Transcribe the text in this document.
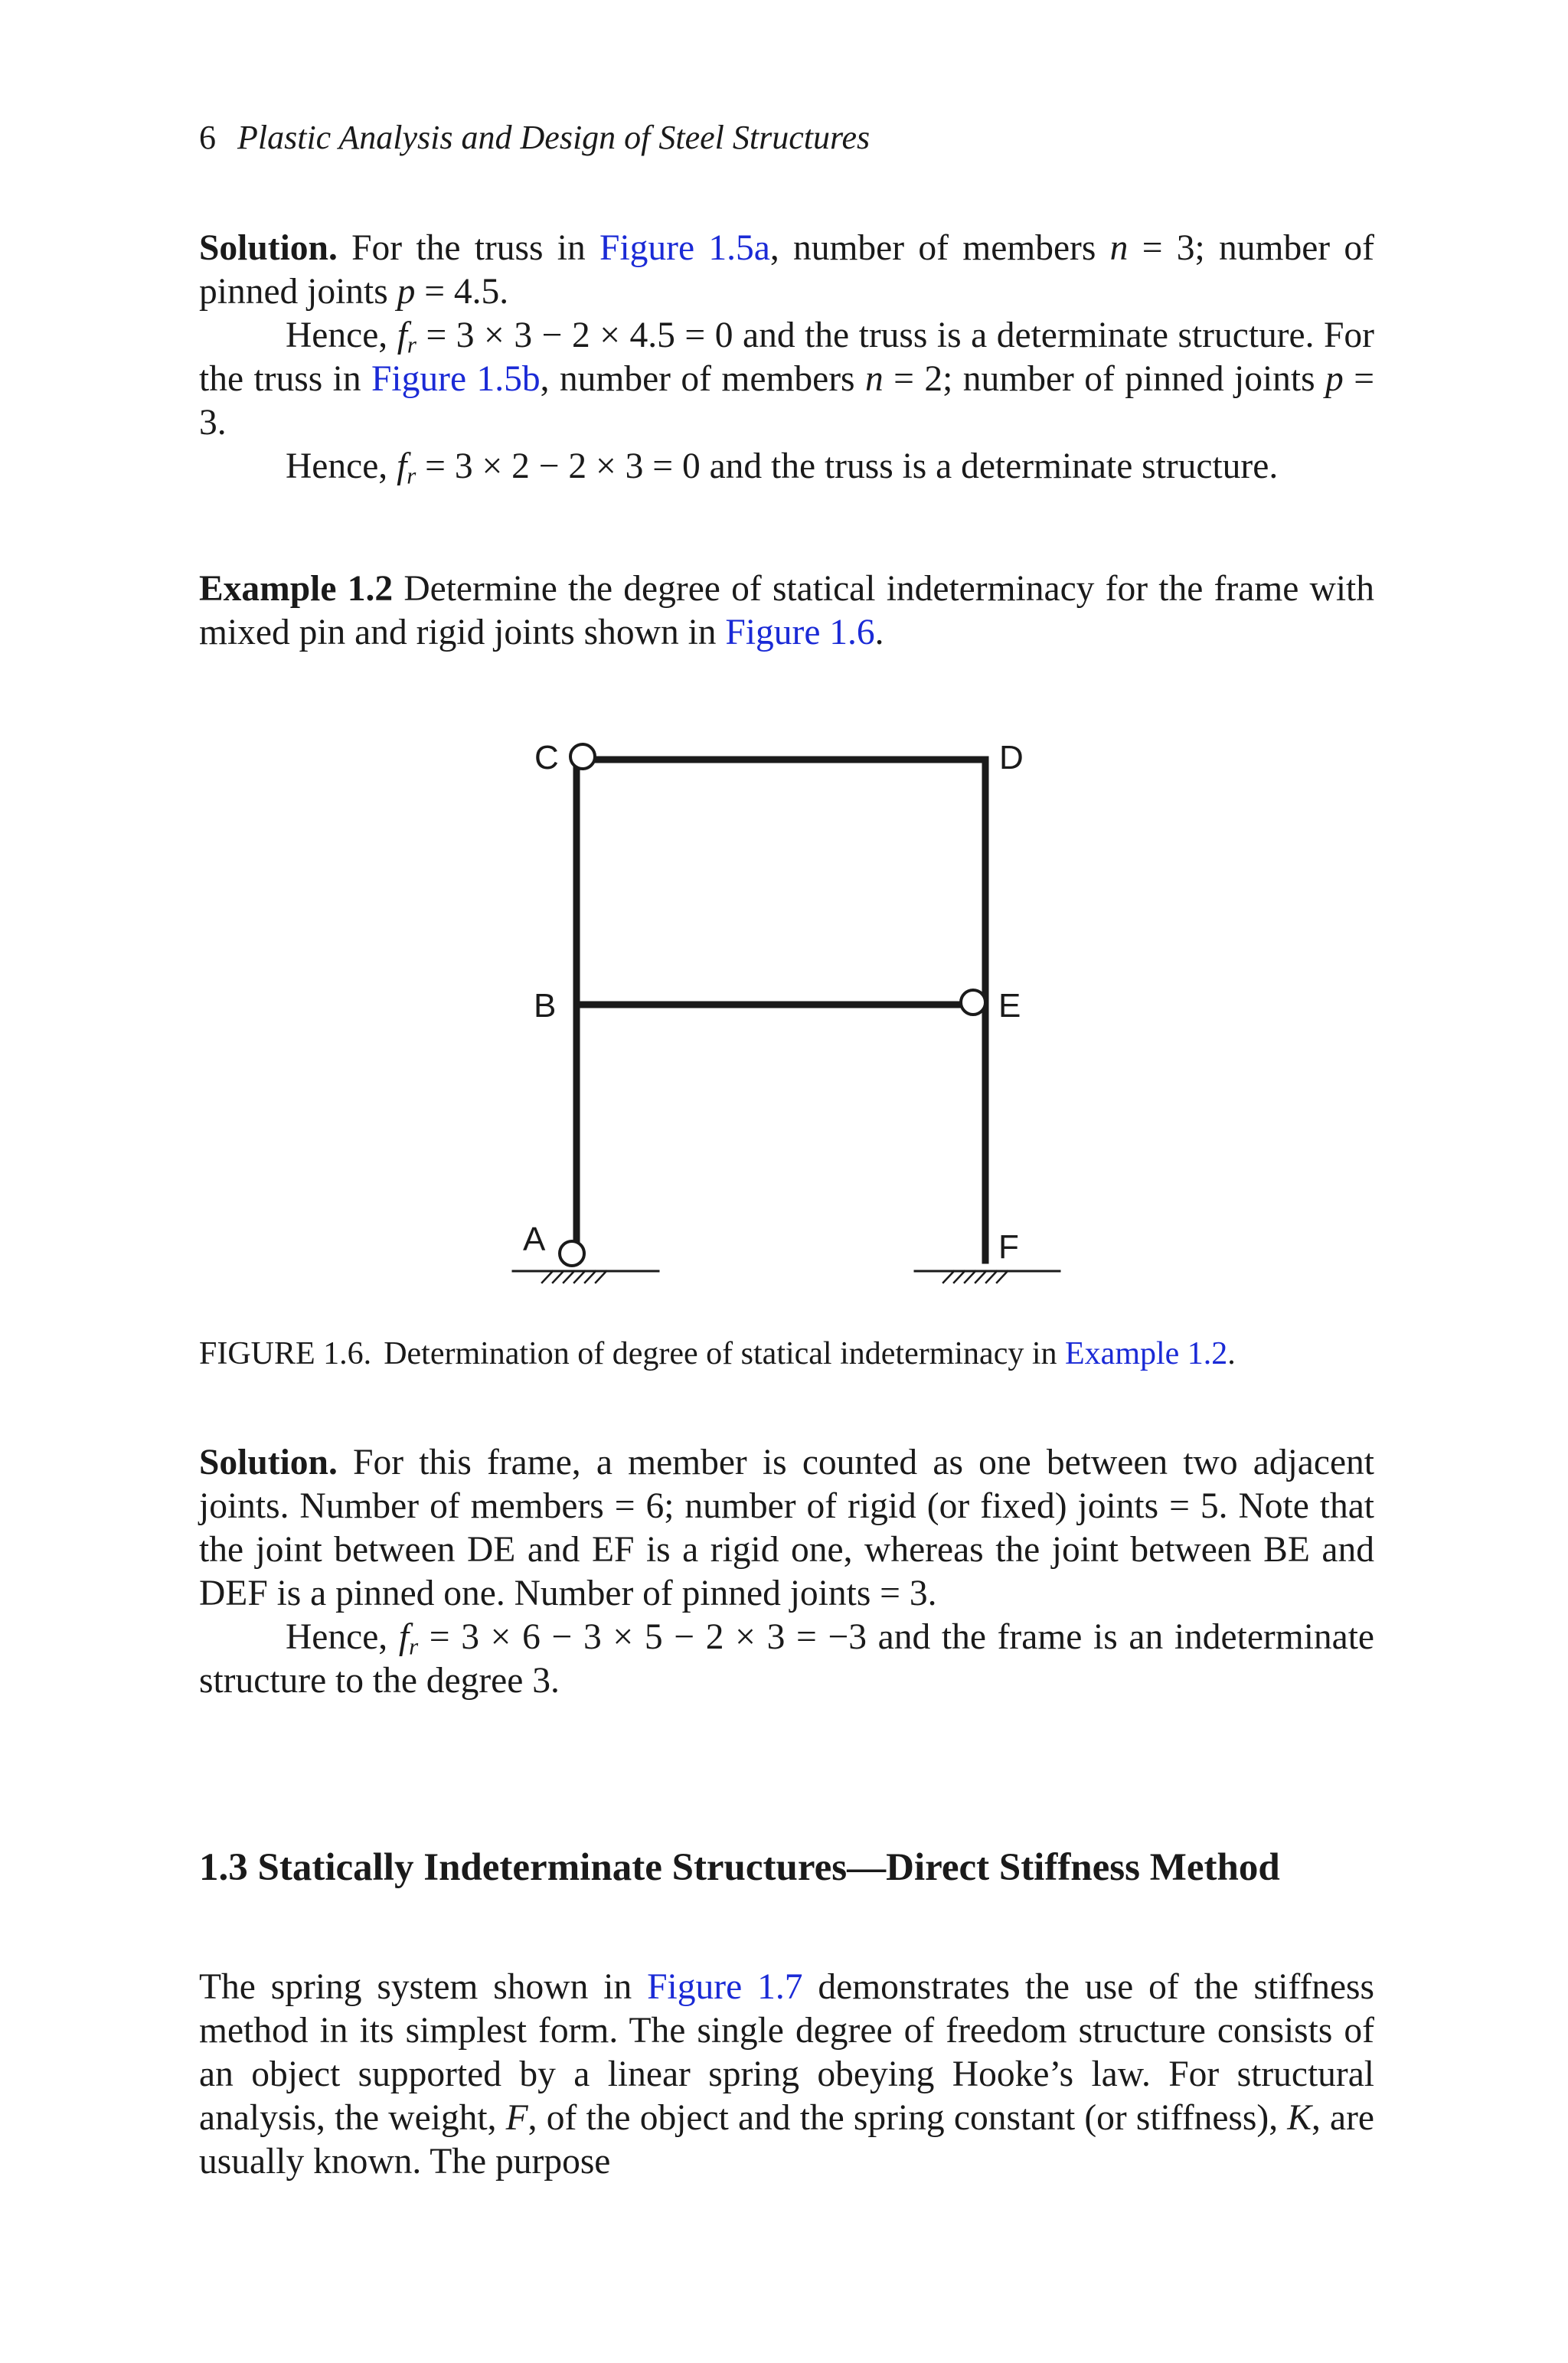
6 Plastic Analysis and Design of Steel Structures

Solution. For the truss in Figure 1.5a, number of members n = 3; number of pinned joints p = 4.5.

Hence, $f_r = 3 \times 3 - 2 \times 4.5 = 0$ and the truss is a determinate structure. For the truss in Figure 1.5b, number of members n = 2; number of pinned joints p = 3.

Hence, $f_r = 3 \times 2 - 2 \times 3 = 0$ and the truss is a determinate structure.

Example 1.2 Determine the degree of statical indeterminacy for the frame with mixed pin and rigid joints shown in Figure 1.6.

C	D
B	E
A	F
FIGURE 1.6. Determination of degree of statical indeterminacy in Example 1.2.

Solution. For this frame, a member is counted as one between two adjacent joints. Number of members = 6; number of rigid (or fixed) joints = 5. Note that the joint between DE and EF is a rigid one, whereas the joint between BE and DEF is a pinned one. Number of pinned joints = 3.

Hence, $f_r = 3 \times 6 - 3 \times 5 - 2 \times 3 = -3$ and the frame is an indeterminate structure to the degree 3.

1.3 Statically Indeterminate Structures—Direct Stiffness Method

The spring system shown in Figure 1.7 demonstrates the use of the stiffness method in its simplest form. The single degree of freedom structure consists of an object supported by a linear spring obeying Hooke’s law. For structural analysis, the weight, F, of the object and the spring constant (or stiffness), K, are usually known. The purpose
